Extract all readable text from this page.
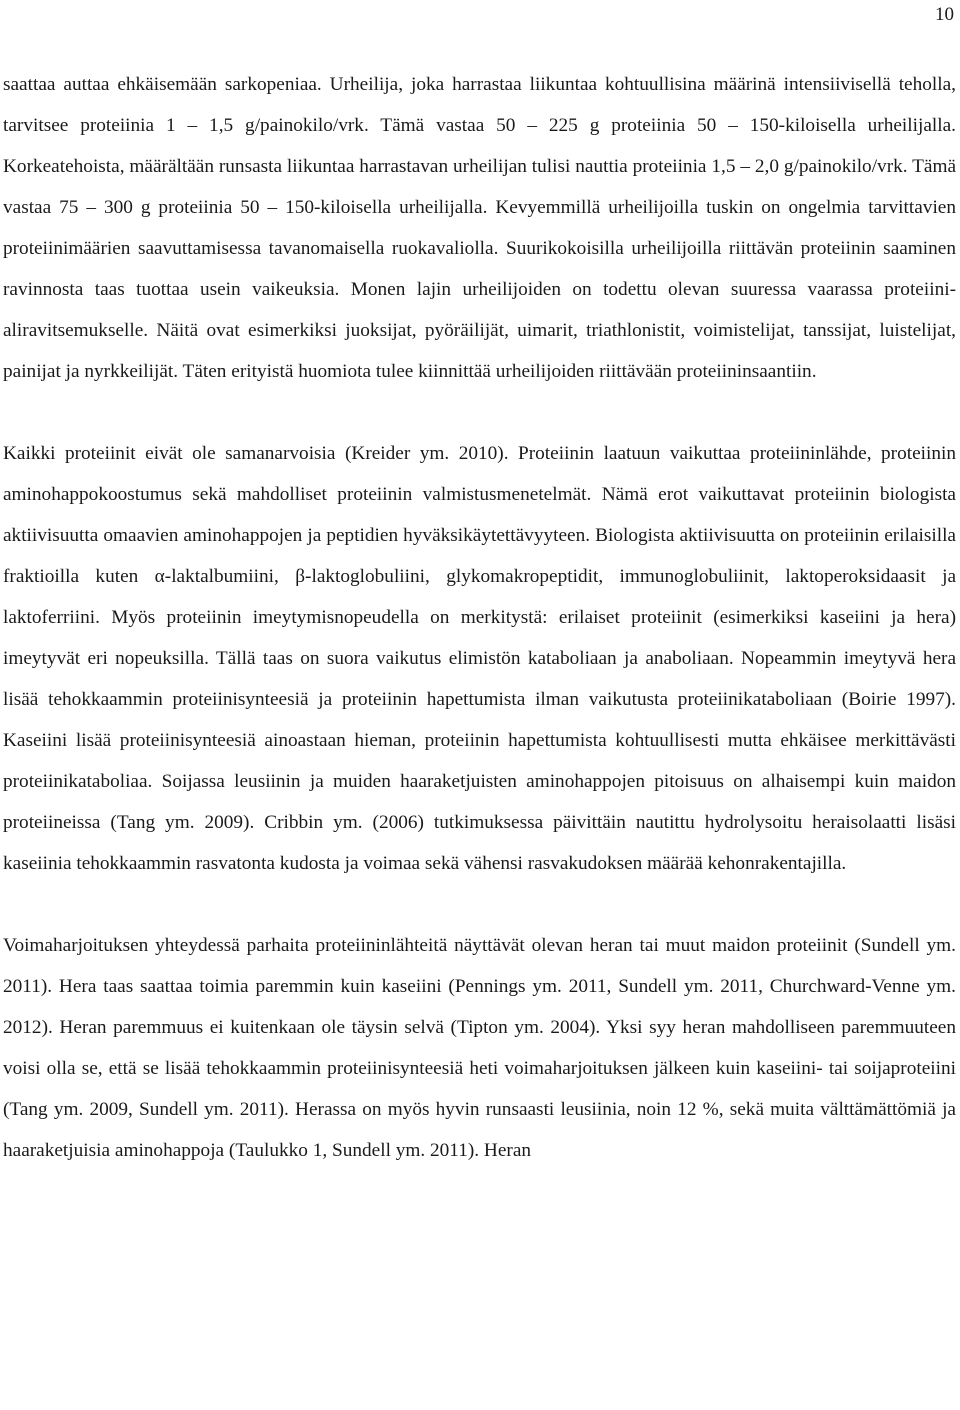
10

saattaa auttaa ehkäisemään sarkopeniaa. Urheilija, joka harrastaa liikuntaa kohtuullisina määrinä intensiivisellä teholla, tarvitsee proteiinia 1 – 1,5 g/painokilo/vrk. Tämä vastaa 50 – 225 g proteiinia 50 – 150-kiloisella urheilijalla. Korkeatehoista, määrältään runsasta liikuntaa harrastavan urheilijan tulisi nauttia proteiinia 1,5 – 2,0 g/painokilo/vrk. Tämä vastaa 75 – 300 g proteiinia 50 – 150-kiloisella urheilijalla. Kevyemmillä urheilijoilla tuskin on ongelmia tarvittavien proteiinimäärien saavuttamisessa tavanomaisella ruokavaliolla. Suurikokoisilla urheilijoilla riittävän proteiinin saaminen ravinnosta taas tuottaa usein vaikeuksia. Monen lajin urheilijoiden on todettu olevan suuressa vaarassa proteiini-aliravitsemukselle. Näitä ovat esimerkiksi juoksijat, pyöräilijät, uimarit, triathlonistit, voimistelijat, tanssijat, luistelijat, painijat ja nyrkkeilijät. Täten erityistä huomiota tulee kiinnittää urheilijoiden riittävään proteiininsaantiin.

Kaikki proteiinit eivät ole samanarvoisia (Kreider ym. 2010). Proteiinin laatuun vaikuttaa proteiininlähde, proteiinin aminohappokoostumus sekä mahdolliset proteiinin valmistusmenetelmät. Nämä erot vaikuttavat proteiinin biologista aktiivisuutta omaavien aminohappojen ja peptidien hyväksikäytettävyyteen. Biologista aktiivisuutta on proteiinin erilaisilla fraktioilla kuten α-laktalbumiini, β-laktoglobuliini, glykomakropeptidit, immunoglobuliinit, laktoperoksidaasit ja laktoferriini. Myös proteiinin imeytymisnopeudella on merkitystä: erilaiset proteiinit (esimerkiksi kaseiini ja hera) imeytyvät eri nopeuksilla. Tällä taas on suora vaikutus elimistön kataboliaan ja anaboliaan. Nopeammin imeytyvä hera lisää tehokkaammin proteiinisynteesiä ja proteiinin hapettumista ilman vaikutusta proteiinikataboliaan (Boirie 1997). Kaseiini lisää proteiinisynteesiä ainoastaan hieman, proteiinin hapettumista kohtuullisesti mutta ehkäisee merkittävästi proteiinikataboliaa. Soijassa leusiinin ja muiden haaraketjuisten aminohappojen pitoisuus on alhaisempi kuin maidon proteiineissa (Tang ym. 2009). Cribbin ym. (2006) tutkimuksessa päivittäin nautittu hydrolysoitu heraisolaatti lisäsi kaseiinia tehokkaammin rasvatonta kudosta ja voimaa sekä vähensi rasvakudoksen määrää kehonrakentajilla.

Voimaharjoituksen yhteydessä parhaita proteiininlähteitä näyttävät olevan heran tai muut maidon proteiinit (Sundell ym. 2011). Hera taas saattaa toimia paremmin kuin kaseiini (Pennings ym. 2011, Sundell ym. 2011, Churchward-Venne ym. 2012). Heran paremmuus ei kuitenkaan ole täysin selvä (Tipton ym. 2004). Yksi syy heran mahdolliseen paremmuuteen voisi olla se, että se lisää tehokkaammin proteiinisynteesiä heti voimaharjoituksen jälkeen kuin kaseiini- tai soijaproteiini (Tang ym. 2009, Sundell ym. 2011). Herassa on myös hyvin runsaasti leusiinia, noin 12 %, sekä muita välttämättömiä ja haaraketjuisia aminohappoja (Taulukko 1, Sundell ym. 2011). Heran
